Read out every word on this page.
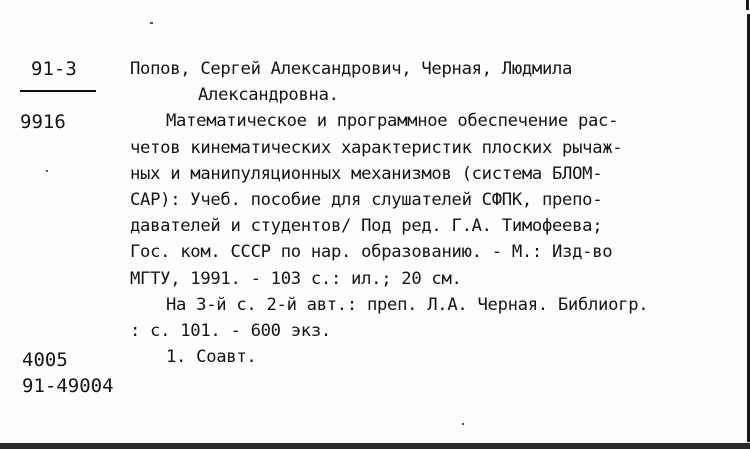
91-3
9916
4005
91-49004
Попов, Сергей Александрович, Черная, Людмила
Александровна.
Математическое и программное обеспечение рас-
четов кинематических характеристик плоских рычаж-
ных и манипуляционных механизмов (система БЛОМ-
САР): Учеб. пособие для слушателей СФПК, препо-
давателей и студентов/ Под ред. Г.А. Тимофеева;
Гос. ком. СССР по нар. образованию. - М.: Изд-во
МГТУ, 1991. - 103 с.: ил.; 20 см.
На 3-й с. 2-й авт.: преп. Л.А. Черная. Библиогр.
: с. 101. - 600 экз.
1. Соавт.
